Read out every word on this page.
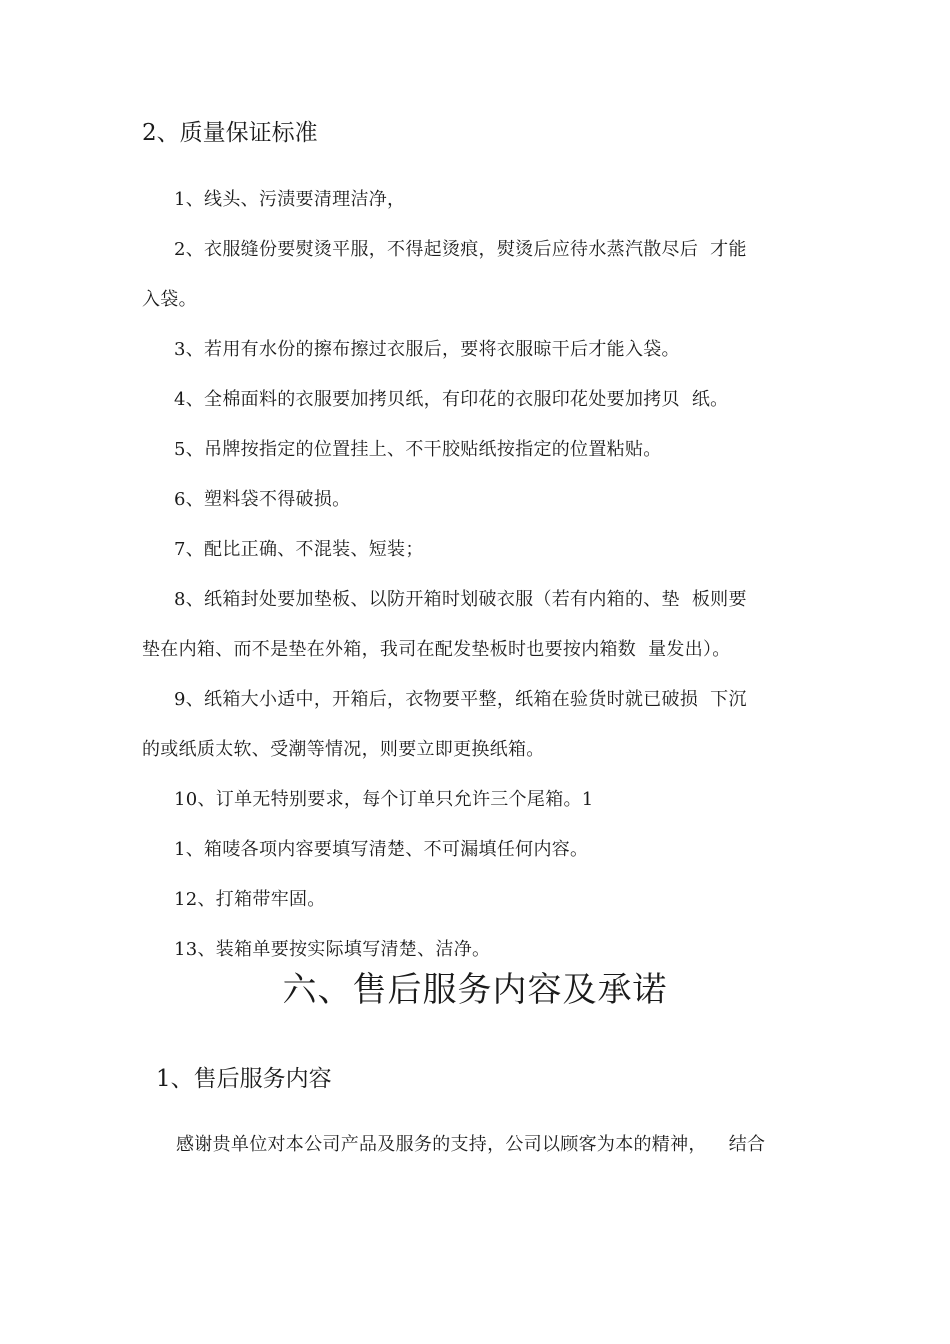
2、质量保证标准
1、线头、污渍要清理洁净，
2、衣服缝份要熨烫平服，不得起烫痕，熨烫后应待水蒸汽散尽后 才能
入袋。
3、若用有水份的擦布擦过衣服后，要将衣服晾干后才能入袋。
4、全棉面料的衣服要加拷贝纸，有印花的衣服印花处要加拷贝 纸。
5、吊牌按指定的位置挂上、不干胶贴纸按指定的位置粘贴。
6、塑料袋不得破损。
7、配比正确、不混装、短装；
8、纸箱封处要加垫板、以防开箱时划破衣服（若有内箱的、垫 板则要
垫在内箱、而不是垫在外箱，我司在配发垫板时也要按内箱数 量发出）。
9、纸箱大小适中，开箱后，衣物要平整，纸箱在验货时就已破损 下沉
的或纸质太软、受潮等情况，则要立即更换纸箱。
10、订单无特别要求，每个订单只允许三个尾箱。1
1、箱唛各项内容要填写清楚、不可漏填任何内容。
12、打箱带牢固。
13、装箱单要按实际填写清楚、洁净。
六、售后服务内容及承诺
1、售后服务内容
感谢贵单位对本公司产品及服务的支持，公司以顾客为本的精神， 结合
